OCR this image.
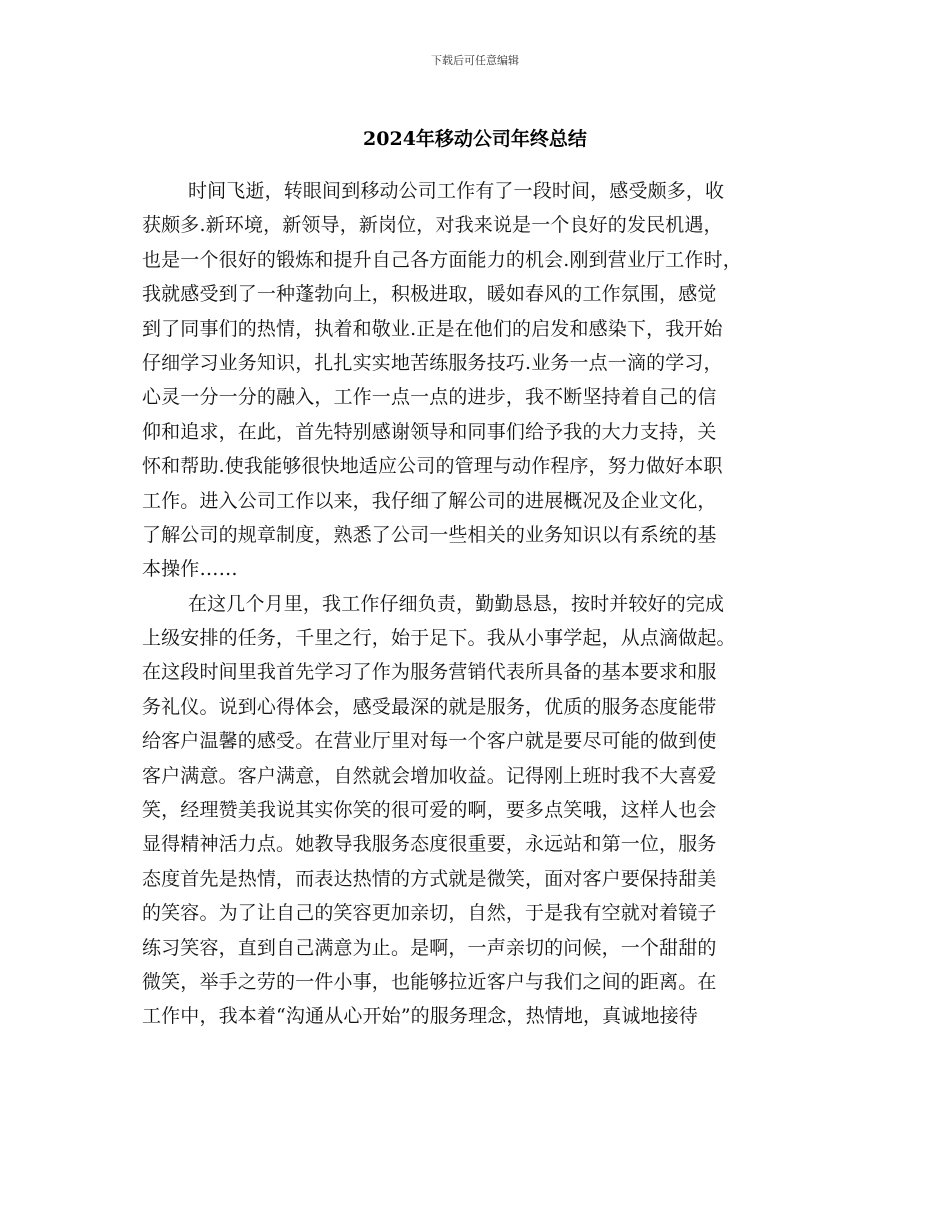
下载后可任意编辑
2024年移动公司年终总结
时间飞逝，转眼间到移动公司工作有了一段时间，感受颇多，收
获颇多.新环境，新领导，新岗位，对我来说是一个良好的发民机遇，
也是一个很好的锻炼和提升自己各方面能力的机会.刚到营业厅工作时，
我就感受到了一种蓬勃向上，积极进取，暖如春风的工作氛围，感觉
到了同事们的热情，执着和敬业.正是在他们的启发和感染下，我开始
仔细学习业务知识，扎扎实实地苦练服务技巧.业务一点一滴的学习，
心灵一分一分的融入，工作一点一点的进步，我不断坚持着自己的信
仰和追求，在此，首先特别感谢领导和同事们给予我的大力支持，关
怀和帮助.使我能够很快地适应公司的管理与动作程序，努力做好本职
工作。进入公司工作以来，我仔细了解公司的进展概况及企业文化，
了解公司的规章制度，熟悉了公司一些相关的业务知识以有系统的基
本操作……
在这几个月里，我工作仔细负责，勤勤恳恳，按时并较好的完成
上级安排的任务，千里之行，始于足下。我从小事学起，从点滴做起。
在这段时间里我首先学习了作为服务营销代表所具备的基本要求和服
务礼仪。说到心得体会，感受最深的就是服务，优质的服务态度能带
给客户温馨的感受。在营业厅里对每一个客户就是要尽可能的做到使
客户满意。客户满意，自然就会增加收益。记得刚上班时我不大喜爱
笑，经理赞美我说其实你笑的很可爱的啊，要多点笑哦，这样人也会
显得精神活力点。她教导我服务态度很重要，永远站和第一位，服务
态度首先是热情，而表达热情的方式就是微笑，面对客户要保持甜美
的笑容。为了让自己的笑容更加亲切，自然，于是我有空就对着镜子
练习笑容，直到自己满意为止。是啊，一声亲切的问候，一个甜甜的
微笑，举手之劳的一件小事，也能够拉近客户与我们之间的距离。在
工作中，我本着“沟通从心开始”的服务理念，热情地，真诚地接待
